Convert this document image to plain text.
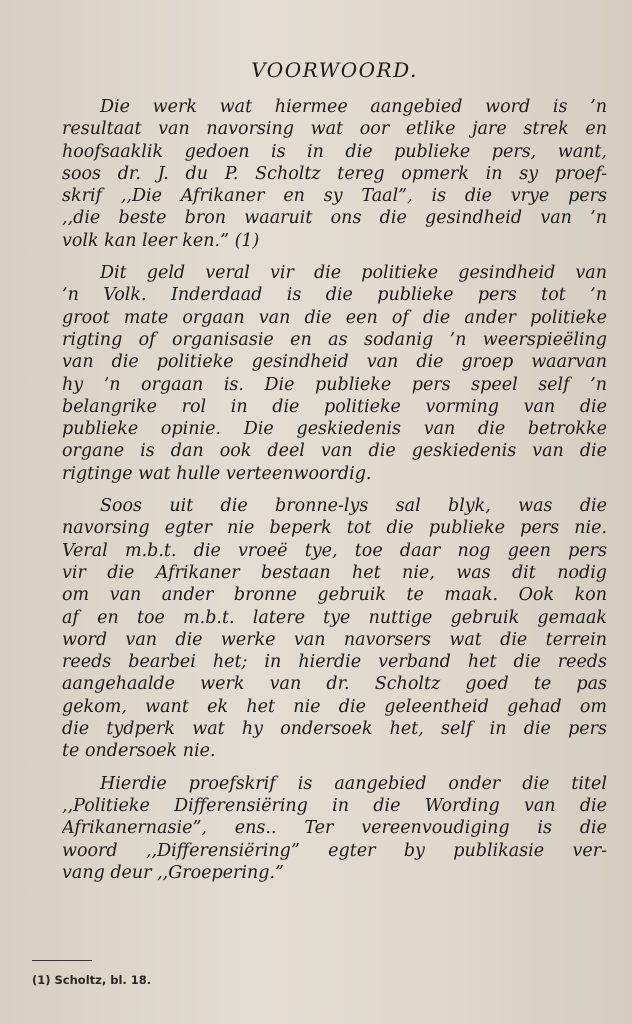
VOORWOORD.
Die werk wat hiermee aangebied word is ’n
resultaat van navorsing wat oor etlike jare strek en
hoofsaaklik gedoen is in die publieke pers, want,
soos dr. J. du P. Scholtz tereg opmerk in sy proef-
skrif ,,Die Afrikaner en sy Taal”, is die vrye pers
,,die beste bron waaruit ons die gesindheid van ’n
volk kan leer ken.” (1)
Dit geld veral vir die politieke gesindheid van
’n Volk. Inderdaad is die publieke pers tot ’n
groot mate orgaan van die een of die ander politieke
rigting of organisasie en as sodanig ’n weerspieëling
van die politieke gesindheid van die groep waarvan
hy ’n orgaan is. Die publieke pers speel self ’n
belangrike rol in die politieke vorming van die
publieke opinie. Die geskiedenis van die betrokke
organe is dan ook deel van die geskiedenis van die
rigtinge wat hulle verteenwoordig.
Soos uit die bronne-lys sal blyk, was die
navorsing egter nie beperk tot die publieke pers nie.
Veral m.b.t. die vroeë tye, toe daar nog geen pers
vir die Afrikaner bestaan het nie, was dit nodig
om van ander bronne gebruik te maak. Ook kon
af en toe m.b.t. latere tye nuttige gebruik gemaak
word van die werke van navorsers wat die terrein
reeds bearbei het; in hierdie verband het die reeds
aangehaalde werk van dr. Scholtz goed te pas
gekom, want ek het nie die geleentheid gehad om
die tydperk wat hy ondersoek het, self in die pers
te ondersoek nie.
Hierdie proefskrif is aangebied onder die titel
,,Politieke Differensiëring in die Wording van die
Afrikanernasie”, ens.. Ter vereenvoudiging is die
woord ,,Differensiëring” egter by publikasie ver-
vang deur ,,Groepering.”
(1) Scholtz, bl. 18.
